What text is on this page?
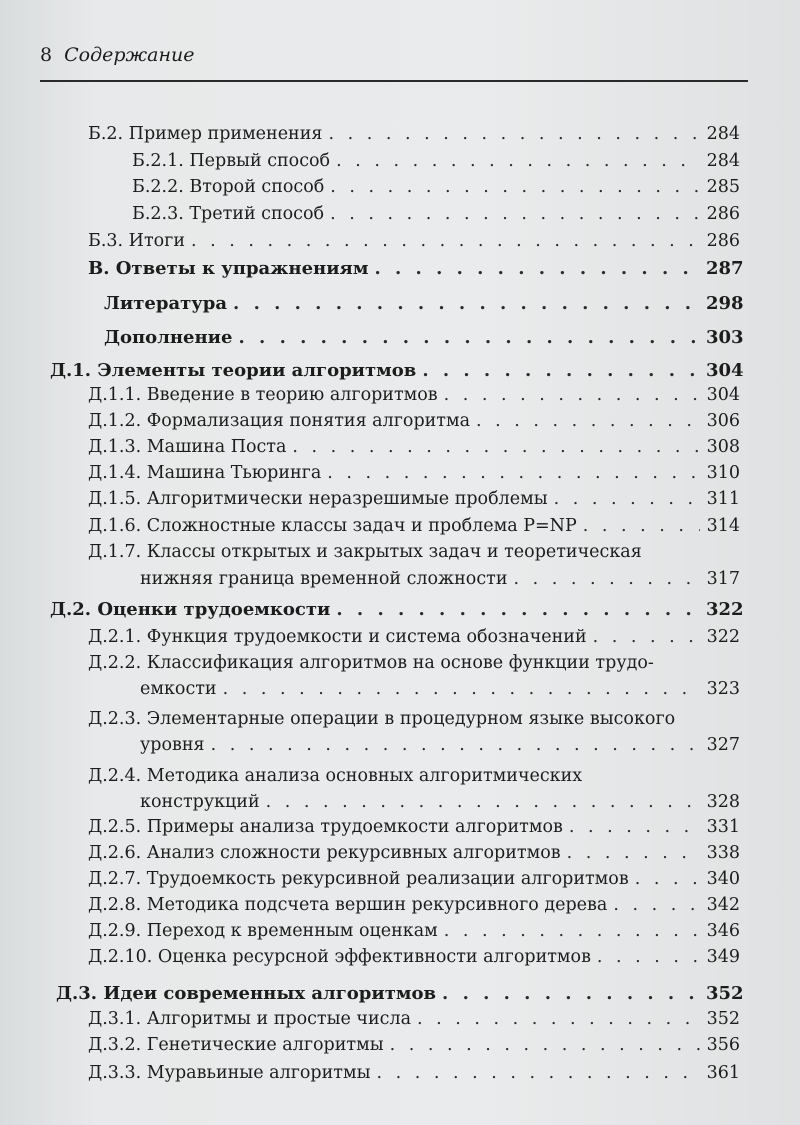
8 Содержание
Б.2. Пример применения . . .	284
Б.2.1. Первый способ . . .	284
Б.2.2. Второй способ . . .	285
Б.2.3. Третий способ . . .	286
Б.3. Итоги . . .	286
В. Ответы к упражнениям . . .	287
Литература . . .	298
Дополнение . . .	303
Д.1. Элементы теории алгоритмов . . .	304
Д.1.1. Введение в теорию алгоритмов . . .	304
Д.1.2. Формализация понятия алгоритма . . .	306
Д.1.3. Машина Поста . . .	308
Д.1.4. Машина Тьюринга . . .	310
Д.1.5. Алгоритмически неразрешимые проблемы . . .	311
Д.1.6. Сложностные классы задач и проблема P=NP . . .	314
Д.1.7. Классы открытых и закрытых задач и теоретическая
нижняя граница временной сложности . . .	317
Д.2. Оценки трудоемкости . . .	322
Д.2.1. Функция трудоемкости и система обозначений . . .	322
Д.2.2. Классификация алгоритмов на основе функции трудо-
емкости . . .	323
Д.2.3. Элементарные операции в процедурном языке высокого
уровня . . .	327
Д.2.4. Методика анализа основных алгоритмических
конструкций . . .	328
Д.2.5. Примеры анализа трудоемкости алгоритмов . . .	331
Д.2.6. Анализ сложности рекурсивных алгоритмов . . .	338
Д.2.7. Трудоемкость рекурсивной реализации алгоритмов . . .	340
Д.2.8. Методика подсчета вершин рекурсивного дерева . . .	342
Д.2.9. Переход к временным оценкам . . .	346
Д.2.10. Оценка ресурсной эффективности алгоритмов . . .	349
Д.3. Идеи современных алгоритмов . . .	352
Д.3.1. Алгоритмы и простые числа . . .	352
Д.3.2. Генетические алгоритмы . . .	356
Д.3.3. Муравьиные алгоритмы . . .	361
